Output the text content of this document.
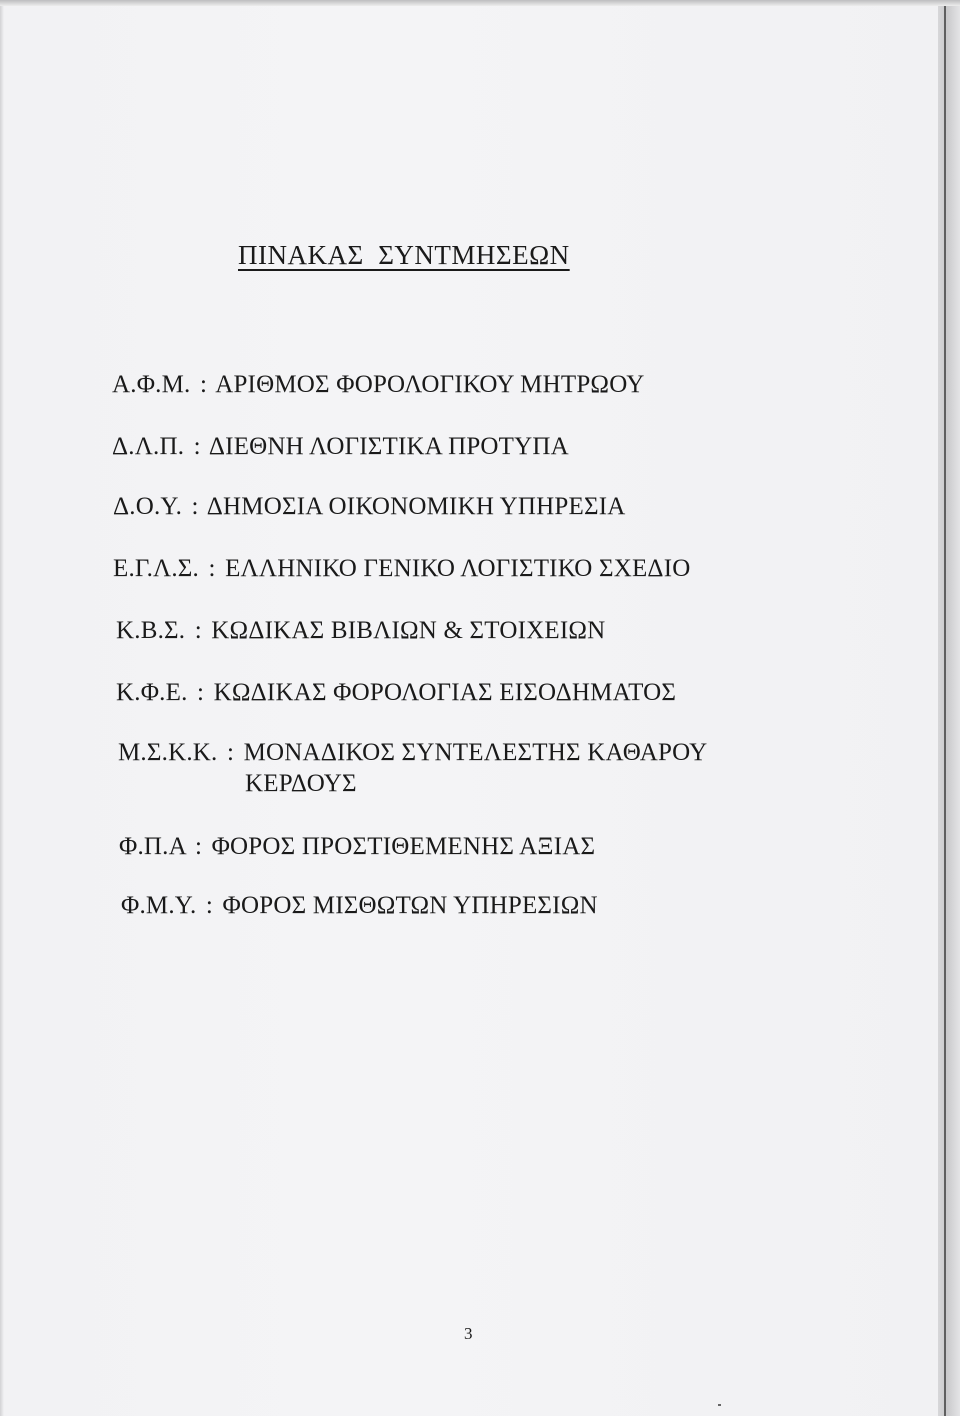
ΠΙΝΑΚΑΣ  ΣΥΝΤΜΗΣΕΩΝ
Α.Φ.Μ. : ΑΡΙΘΜΟΣ ΦΟΡΟΛΟΓΙΚΟΥ ΜΗΤΡΩΟΥ
Δ.Λ.Π. : ΔΙΕΘΝΗ ΛΟΓΙΣΤΙΚΑ ΠΡΟΤΥΠΑ
Δ.Ο.Υ. : ΔΗΜΟΣΙΑ ΟΙΚΟΝΟΜΙΚΗ ΥΠΗΡΕΣΙΑ
Ε.Γ.Λ.Σ. : ΕΛΛΗΝΙΚΟ ΓΕΝΙΚΟ ΛΟΓΙΣΤΙΚΟ ΣΧΕΔΙΟ
Κ.Β.Σ. : ΚΩΔΙΚΑΣ ΒΙΒΛΙΩΝ & ΣΤΟΙΧΕΙΩΝ
Κ.Φ.Ε. : ΚΩΔΙΚΑΣ ΦΟΡΟΛΟΓΙΑΣ ΕΙΣΟΔΗΜΑΤΟΣ
Μ.Σ.Κ.Κ. : ΜΟΝΑΔΙΚΟΣ ΣΥΝΤΕΛΕΣΤΗΣ ΚΑΘΑΡΟΥ
ΚΕΡΔΟΥΣ
Φ.Π.Α : ΦΟΡΟΣ ΠΡΟΣΤΙΘΕΜΕΝΗΣ ΑΞΙΑΣ
Φ.Μ.Υ. : ΦΟΡΟΣ ΜΙΣΘΩΤΩΝ ΥΠΗΡΕΣΙΩΝ
3
